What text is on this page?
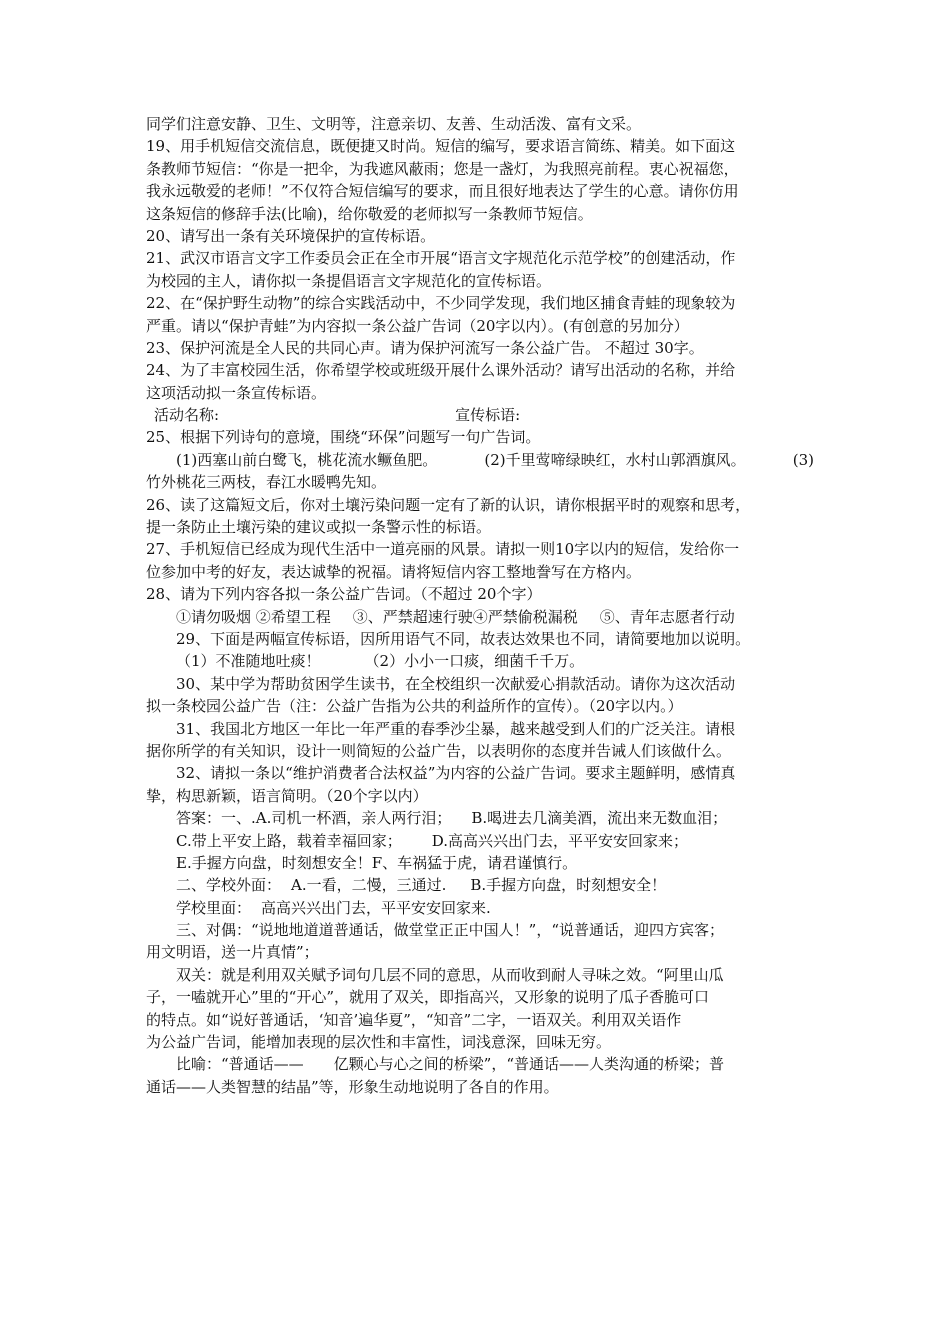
同学们注意安静、卫生、文明等，注意亲切、友善、生动活泼、富有文采。
19、用手机短信交流信息，既便捷又时尚。短信的编写，要求语言简练、精美。如下面这
条教师节短信：“你是一把伞，为我遮风蔽雨；您是一盏灯，为我照亮前程。衷心祝福您，
我永远敬爱的老师！”不仅符合短信编写的要求，而且很好地表达了学生的心意。请你仿用
这条短信的修辞手法(比喻)，给你敬爱的老师拟写一条教师节短信。
20、请写出一条有关环境保护的宣传标语。
21、武汉市语言文字工作委员会正在全市开展“语言文字规范化示范学校”的创建活动，作
为校园的主人，请你拟一条提倡语言文字规范化的宣传标语。
22、在“保护野生动物”的综合实践活动中，不少同学发现，我们地区捕食青蛙的现象较为
严重。请以“保护青蛙”为内容拟一条公益广告词（20字以内）。(有创意的另加分）
23、保护河流是全人民的共同心声。请为保护河流写一条公益广告。 不超过 30字。
24、为了丰富校园生活，你希望学校或班级开展什么课外活动？请写出活动的名称，并给
这项活动拟一条宣传标语。
活动名称:	宣传标语:
25、根据下列诗句的意境，围绕“环保”问题写一句广告词。
(1)西塞山前白鹭飞，桃花流水鳜鱼肥。	(2)千里莺啼绿映红，水村山郭酒旗风。	(3)
竹外桃花三两枝，春江水暖鸭先知。
26、读了这篇短文后，你对土壤污染问题一定有了新的认识，请你根据平时的观察和思考，
提一条防止土壤污染的建议或拟一条警示性的标语。
27、手机短信已经成为现代生活中一道亮丽的风景。请拟一则10字以内的短信，发给你一
位参加中考的好友，表达诚挚的祝福。请将短信内容工整地誊写在方格内。
28、请为下列内容各拟一条公益广告词。（不超过 20个字）
①请勿吸烟 ②希望工程 ③、严禁超速行驶④严禁偷税漏税 ⑤、青年志愿者行动
29、下面是两幅宣传标语，因所用语气不同，故表达效果也不同，请简要地加以说明。
（1）不准随地吐痰！	（2）小小一口痰，细菌千千万。
30、某中学为帮助贫困学生读书，在全校组织一次献爱心捐款活动。请你为这次活动
拟一条校园公益广告（注：公益广告指为公共的利益所作的宣传）。（20字以内。）
31、我国北方地区一年比一年严重的春季沙尘暴，越来越受到人们的广泛关注。请根
据你所学的有关知识，设计一则简短的公益广告，以表明你的态度并告诫人们该做什么。
32、请拟一条以“维护消费者合法权益”为内容的公益广告词。要求主题鲜明，感情真
挚，构思新颖，语言简明。（20个字以内）
答案：一、.A.司机一杯酒，亲人两行泪； B.喝进去几滴美酒，流出来无数血泪；
C.带上平安上路，载着幸福回家； D.高高兴兴出门去，平平安安回家来；
E.手握方向盘，时刻想安全！F、车祸猛于虎，请君谨慎行。
二、学校外面： A.一看，二慢，三通过. B.手握方向盘，时刻想安全！
学校里面： 高高兴兴出门去，平平安安回家来.
三、对偶：“说地地道道普通话，做堂堂正正中国人！”，“说普通话，迎四方宾客；
用文明语，送一片真情”；
双关：就是利用双关赋予词句几层不同的意思，从而收到耐人寻味之效。“阿里山瓜
子，一嗑就开心”里的“开心”，就用了双关，即指高兴，又形象的说明了瓜子香脆可口
的特点。如“说好普通话，‘知音’遍华夏”，“知音”二字，一语双关。利用双关语作
为公益广告词，能增加表现的层次性和丰富性，词浅意深，回味无穷。
比喻：“普通话—— 亿颗心与心之间的桥梁”，“普通话——人类沟通的桥梁；普
通话——人类智慧的结晶”等，形象生动地说明了各自的作用。
